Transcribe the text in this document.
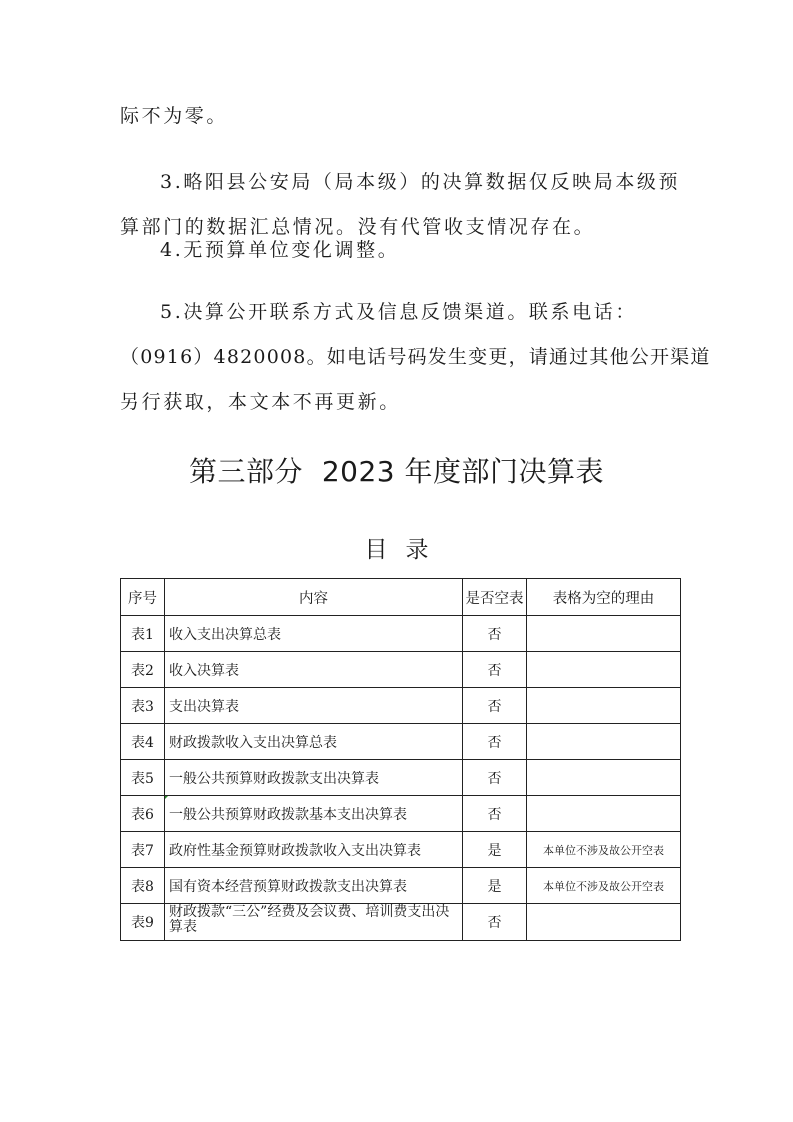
际不为零。

3.略阳县公安局（局本级）的决算数据仅反映局本级预
算部门的数据汇总情况。没有代管收支情况存在。

4.无预算单位变化调整。

5.决算公开联系方式及信息反馈渠道。联系电话：
（0916）4820008。如电话号码发生变更，请通过其他公开渠道
另行获取，本文本不再更新。
第三部分  2023 年度部门决算表
目录
序号	内容	是否空表	表格为空的理由
表1	收入支出决算总表	否	
表2	收入决算表	否	
表3	支出决算表	否	
表4	财政拨款收入支出决算总表	否	
表5	一般公共预算财政拨款支出决算表	否	
表6	一般公共预算财政拨款基本支出决算表	否	
表7	政府性基金预算财政拨款收入支出决算表	是	本单位不涉及故公开空表
表8	国有资本经营预算财政拨款支出决算表	是	本单位不涉及故公开空表
表9	财政拨款“三公”经费及会议费、培训费支出决算表	否	
